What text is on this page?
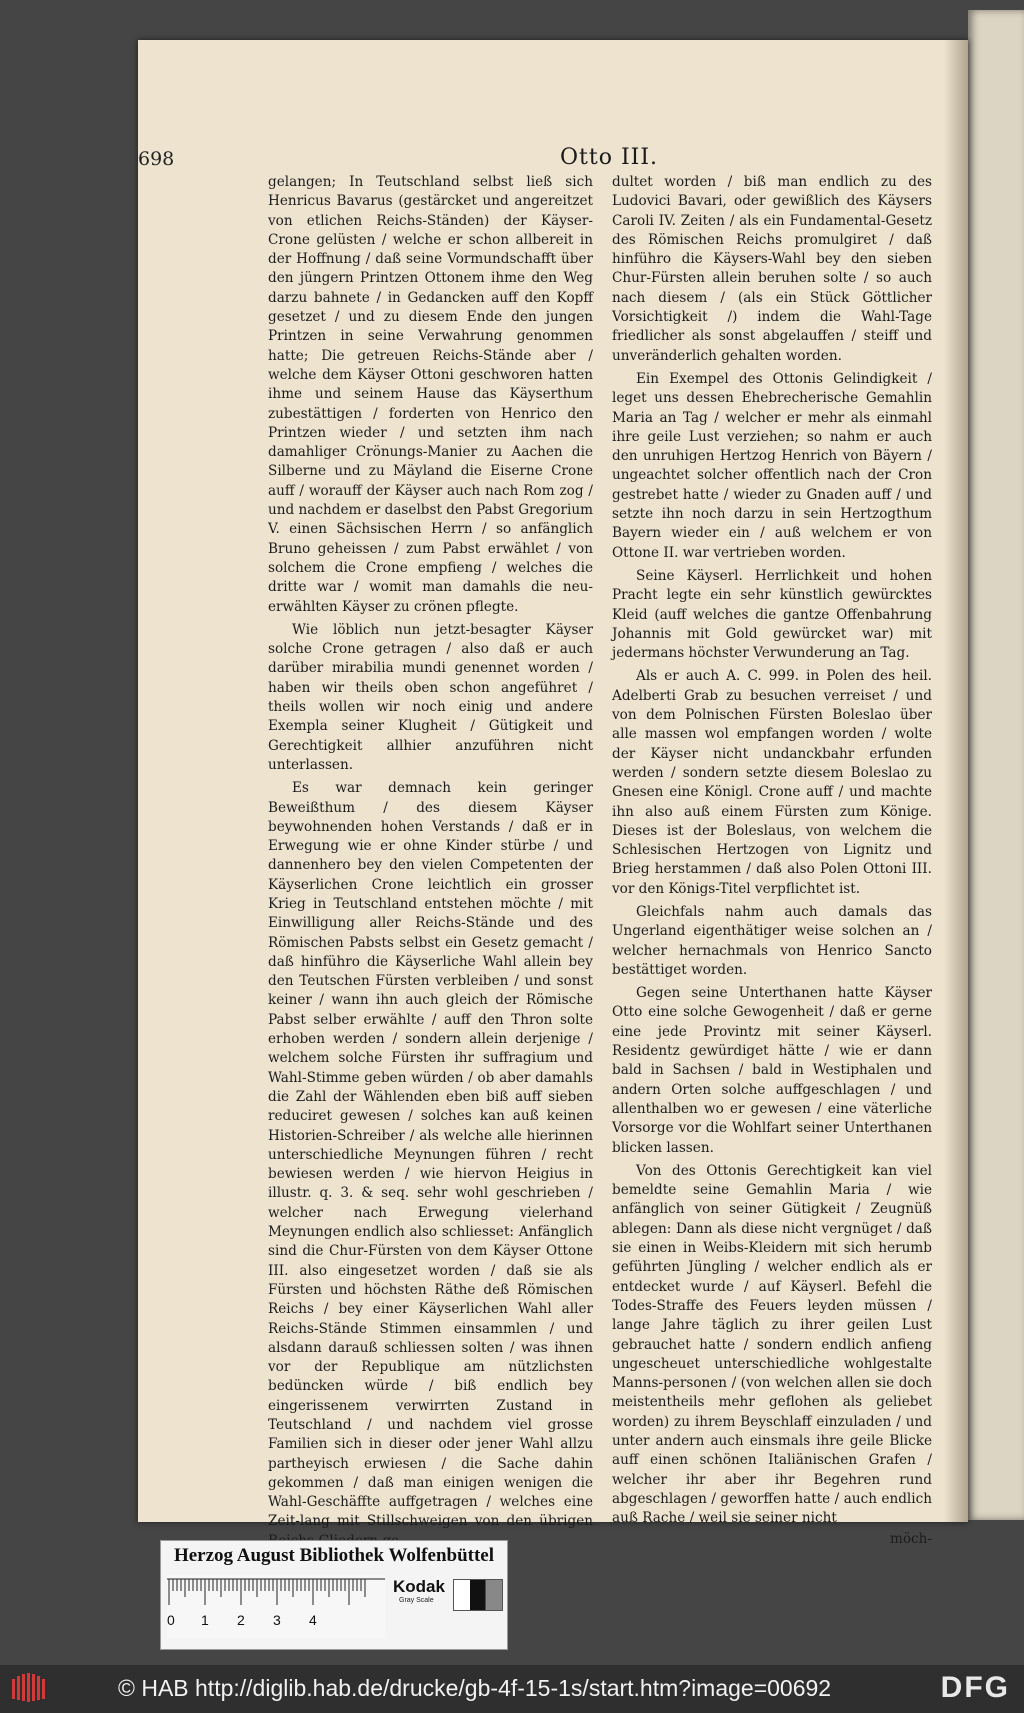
698	Otto III.

gelangen; In Teutschland selbst ließ sich Henricus Bavarus (gestärcket und angereitzet von etlichen Reichs-Ständen) der Käyser-Crone gelüsten / welche er schon allbereit in der Hoffnung / daß seine Vormundschafft über den jüngern Printzen Ottonem ihme den Weg darzu bahnete / in Gedancken auff den Kopff gesetzet / und zu diesem Ende den jungen Printzen in seine Verwahrung genommen hatte; Die getreuen Reichs-Stände aber / welche dem Käyser Ottoni geschworen hatten ihme und seinem Hause das Käyserthum zubestättigen / forderten von Henrico den Printzen wieder / und setzten ihm nach damahliger Crönungs-Manier zu Aachen die Silberne und zu Mäyland die Eiserne Crone auff / worauff der Käyser auch nach Rom zog / und nachdem er daselbst den Pabst Gregorium V. einen Sächsischen Herrn / so anfänglich Bruno geheissen / zum Pabst erwählet / von solchem die Crone empfieng / welches die dritte war / womit man damahls die neu-erwählten Käyser zu crönen pflegte.

Wie löblich nun jetzt-besagter Käyser solche Crone getragen / also daß er auch darüber mirabilia mundi genennet worden / haben wir theils oben schon angeführet / theils wollen wir noch einig und andere Exempla seiner Klugheit / Gütigkeit und Gerechtigkeit allhier anzuführen nicht unterlassen.

Es war demnach kein geringer Beweißthum / des diesem Käyser beywohnenden hohen Verstands / daß er in Erwegung wie er ohne Kinder stürbe / und dannenhero bey den vielen Competenten der Käyserlichen Crone leichtlich ein grosser Krieg in Teutschland entstehen möchte / mit Einwilligung aller Reichs-Stände und des Römischen Pabsts selbst ein Gesetz gemacht / daß hinführo die Käyserliche Wahl allein bey den Teutschen Fürsten verbleiben / und sonst keiner / wann ihn auch gleich der Römische Pabst selber erwählte / auff den Thron solte erhoben werden / sondern allein derjenige / welchem solche Fürsten ihr suffragium und Wahl-Stimme geben würden / ob aber damahls die Zahl der Wählenden eben biß auff sieben reduciret gewesen / solches kan auß keinen Historien-Schreiber / als welche alle hierinnen unterschiedliche Meynungen führen / recht bewiesen werden / wie hiervon Heigius in illustr. q. 3. & seq. sehr wohl geschrieben / welcher nach Erwegung vielerhand Meynungen endlich also schliesset: Anfänglich sind die Chur-Fürsten von dem Käyser Ottone III. also eingesetzet worden / daß sie als Fürsten und höchsten Räthe deß Römischen Reichs / bey einer Käyserlichen Wahl aller Reichs-Stände Stimmen einsammlen / und alsdann darauß schliessen solten / was ihnen vor der Republique am nützlichsten bedüncken würde / biß endlich bey eingerissenem verwirrten Zustand in Teutschland / und nachdem viel grosse Familien sich in dieser oder jener Wahl allzu partheyisch erwiesen / die Sache dahin gekommen / daß man einigen wenigen die Wahl-Geschäffte auffgetragen / welches eine Zeit-lang mit Stillschweigen von den übrigen

dultet worden / biß man endlich zu des Ludovici Bavari, oder gewißlich des Käysers Caroli IV. Zeiten / als ein Fundamental-Gesetz des Römischen Reichs promulgiret / daß hinführo die Käysers-Wahl bey den sieben Chur-Fürsten allein beruhen solte / so auch nach diesem / (als ein Stück Göttlicher Vorsichtigkeit /) indem die Wahl-Tage friedlicher als sonst abgelauffen / steiff und unveränderlich gehalten worden.

Ein Exempel des Ottonis Gelindigkeit / leget uns dessen Ehebrecherische Gemahlin Maria an Tag / welcher er mehr als einmahl ihre geile Lust verziehen; so nahm er auch den unruhigen Hertzog Henrich von Bäyern / ungeachtet solcher offentlich nach der Cron gestrebet hatte / wieder zu Gnaden auff / und setzte ihn noch darzu in sein Hertzogthum Bayern wieder ein / auß welchem er von Ottone II. war vertrieben worden.

Seine Käyserl. Herrlichkeit und hohen Pracht legte ein sehr künstlich gewürcktes Kleid (auff welches die gantze Offenbahrung Johannis mit Gold gewürcket war) mit jedermans höchster Verwunderung an Tag.

Als er auch A. C. 999. in Polen des heil. Adelberti Grab zu besuchen verreiset / und von dem Polnischen Fürsten Boleslao über alle massen wol empfangen worden / wolte der Käyser nicht undanckbahr erfunden werden / sondern setzte diesem Boleslao zu Gnesen eine Königl. Crone auff / und machte ihn also auß einem Fürsten zum Könige. Dieses ist der Boleslaus, von welchem die Schlesischen Hertzogen von Lignitz und Brieg herstammen / daß also Polen Ottoni III. vor den Königs-Titel verpflichtet ist.

Gleichfals nahm auch damals das Ungerland eigenthätiger weise solchen an / welcher hernachmals von Henrico Sancto bestättiget worden.

Gegen seine Unterthanen hatte Käyser Otto eine solche Gewogenheit / daß er gerne eine jede Provintz mit seiner Käyserl. Residentz gewürdiget hätte / wie er dann bald in Sachsen / bald in Westiphalen und andern Orten solche auffgeschlagen / und allenthalben wo er gewesen / eine väterliche Vorsorge vor die Wohlfart seiner Unterthanen blicken lassen.

Von des Ottonis Gerechtigkeit kan viel bemeldte seine Gemahlin Maria / wie anfänglich von seiner Gütigkeit / Zeugnüß ablegen: Dann als diese nicht vergnüget / daß sie einen in Weibs-Kleidern mit sich herumb geführten Jüngling / welcher endlich als er entdecket wurde / auf Käyserl. Befehl die Todes-Straffe des Feuers leyden müssen / lange Jahre täglich zu ihrer geilen Lust gebrauchet hatte / sondern endlich anfieng ungescheuet unterschiedliche wohlgestalte Manns-personen / (von welchen allen sie doch meistentheils mehr geflohen als geliebet worden) zu ihrem Beyschlaff einzuladen / und unter andern auch einsmals ihre geile Blicke auff einen schönen Italiänischen Grafen / welcher ihr aber ihr Begehren rund abgeschlagen / geworffen hatte / auch endlich auß Rache / weil sie seiner nicht

möch-
Herzog August Bibliothek Wolfenbüttel
0 1 2 3 4
Kodak
Gray Scale
© HAB http://diglib.hab.de/drucke/gb-4f-15-1s/start.htm?image=00692	DFG
